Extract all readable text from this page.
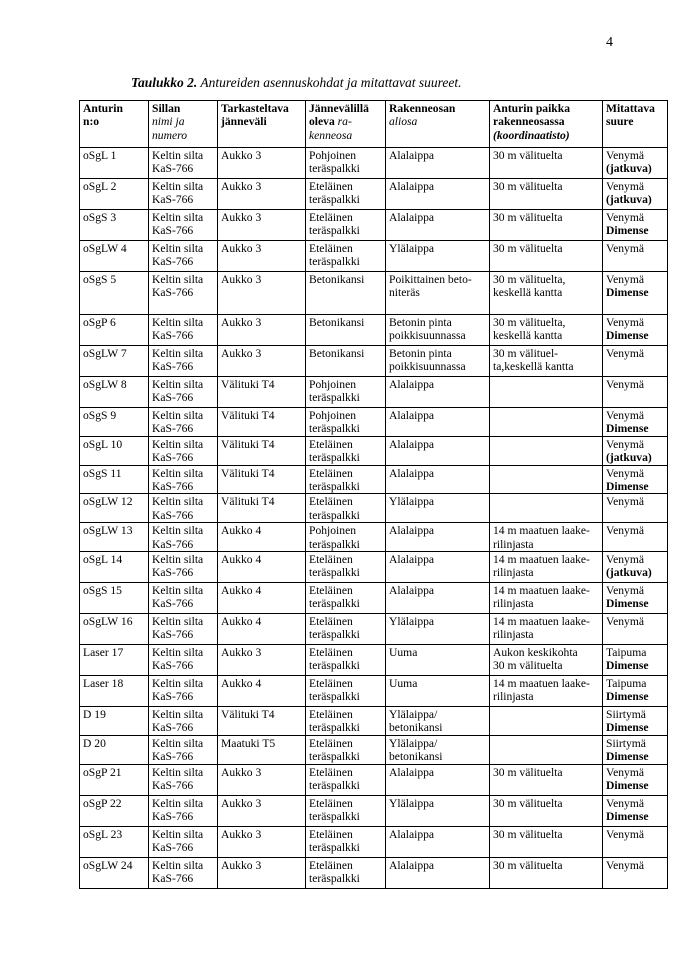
4
Taulukko 2. Antureiden asennuskohdat ja mitattavat suureet.
Anturin
n:o	Sillan
nimi ja
numero	Tarkasteltava
jänneväli	Jännevälillä
oleva ra-
kenneosa	Rakenneosan
aliosa	Anturin paikka
rakenneosassa
(koordinaatisto)	Mitattava
suure

oSgL 1	Keltin silta
KaS-766	Aukko 3	Pohjoinen
teräspalkki	Alalaippa	30 m välituelta	Venymä
(jatkuva)

oSgL 2	Keltin silta
KaS-766	Aukko 3	Eteläinen
teräspalkki	Alalaippa	30 m välituelta	Venymä
(jatkuva)

oSgS 3	Keltin silta
KaS-766	Aukko 3	Eteläinen
teräspalkki	Alalaippa	30 m välituelta	Venymä
Dimense

oSgLW 4	Keltin silta
KaS-766	Aukko 3	Eteläinen
teräspalkki	Ylälaippa	30 m välituelta	Venymä

oSgS 5	Keltin silta
KaS-766	Aukko 3	Betonikansi	Poikittainen beto-
niteräs	30 m välituelta,
keskellä kantta	Venymä
Dimense

oSgP 6	Keltin silta
KaS-766	Aukko 3	Betonikansi	Betonin pinta
poikkisuunnassa	30 m välituelta,
keskellä kantta	Venymä
Dimense

oSgLW 7	Keltin silta
KaS-766	Aukko 3	Betonikansi	Betonin pinta
poikkisuunnassa	30 m välituel-
ta,keskellä kantta	Venymä

oSgLW 8	Keltin silta
KaS-766	Välituki T4	Pohjoinen
teräspalkki	Alalaippa		Venymä

oSgS 9	Keltin silta
KaS-766	Välituki T4	Pohjoinen
teräspalkki	Alalaippa		Venymä
Dimense

oSgL 10	Keltin silta
KaS-766	Välituki T4	Eteläinen
teräspalkki	Alalaippa		Venymä
(jatkuva)

oSgS 11	Keltin silta
KaS-766	Välituki T4	Eteläinen
teräspalkki	Alalaippa		Venymä
Dimense

oSgLW 12	Keltin silta
KaS-766	Välituki T4	Eteläinen
teräspalkki	Ylälaippa		Venymä

oSgLW 13	Keltin silta
KaS-766	Aukko 4	Pohjoinen
teräspalkki	Alalaippa	14 m maatuen laake-
rilinjasta	Venymä

oSgL 14	Keltin silta
KaS-766	Aukko 4	Eteläinen
teräspalkki	Alalaippa	14 m maatuen laake-
rilinjasta	Venymä
(jatkuva)

oSgS 15	Keltin silta
KaS-766	Aukko 4	Eteläinen
teräspalkki	Alalaippa	14 m maatuen laake-
rilinjasta	Venymä
Dimense

oSgLW 16	Keltin silta
KaS-766	Aukko 4	Eteläinen
teräspalkki	Ylälaippa	14 m maatuen laake-
rilinjasta	Venymä

Laser 17	Keltin silta
KaS-766	Aukko 3	Eteläinen
teräspalkki	Uuma	Aukon keskikohta
30 m välituelta	Taipuma
Dimense

Laser 18	Keltin silta
KaS-766	Aukko 4	Eteläinen
teräspalkki	Uuma	14 m maatuen laake-
rilinjasta	Taipuma
Dimense

D 19	Keltin silta
KaS-766	Välituki T4	Eteläinen
teräspalkki	Ylälaippa/
betonikansi		Siirtymä
Dimense

D 20	Keltin silta
KaS-766	Maatuki T5	Eteläinen
teräspalkki	Ylälaippa/
betonikansi		Siirtymä
Dimense

oSgP 21	Keltin silta
KaS-766	Aukko 3	Eteläinen
teräspalkki	Alalaippa	30 m välituelta	Venymä
Dimense

oSgP 22	Keltin silta
KaS-766	Aukko 3	Eteläinen
teräspalkki	Ylälaippa	30 m välituelta	Venymä
Dimense

oSgL 23	Keltin silta
KaS-766	Aukko 3	Eteläinen
teräspalkki	Alalaippa	30 m välituelta	Venymä

oSgLW 24	Keltin silta
KaS-766	Aukko 3	Eteläinen
teräspalkki	Alalaippa	30 m välituelta	Venymä
